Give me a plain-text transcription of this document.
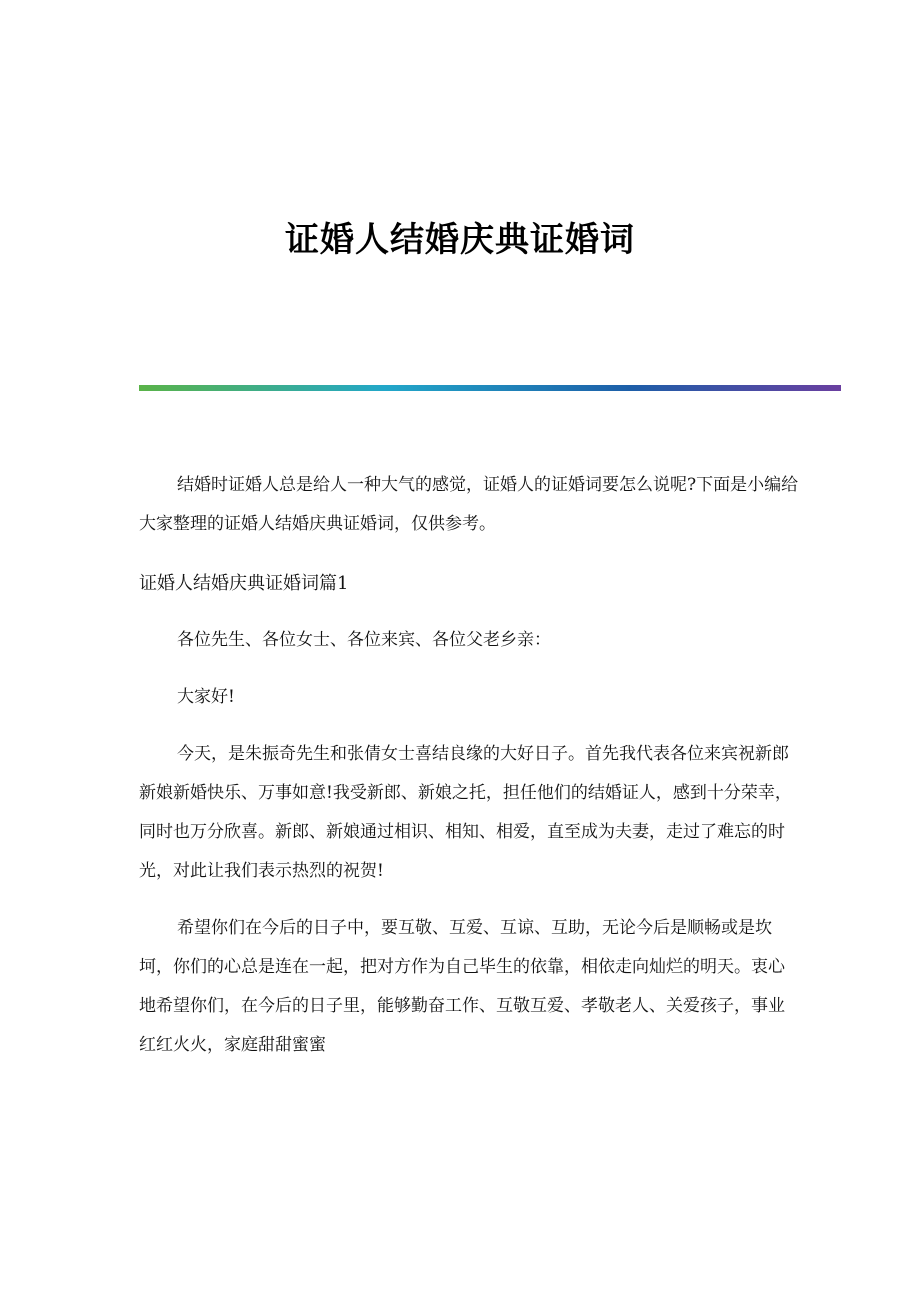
证婚人结婚庆典证婚词

结婚时证婚人总是给人一种大气的感觉，证婚人的证婚词要怎么说呢?下面是小编给大家整理的证婚人结婚庆典证婚词，仅供参考。

证婚人结婚庆典证婚词篇1

各位先生、各位女士、各位来宾、各位父老乡亲：

大家好!

今天，是朱振奇先生和张倩女士喜结良缘的大好日子。首先我代表各位来宾祝新郎新娘新婚快乐、万事如意!我受新郎、新娘之托，担任他们的结婚证人，感到十分荣幸，同时也万分欣喜。新郎、新娘通过相识、相知、相爱，直至成为夫妻，走过了难忘的时光，对此让我们表示热烈的祝贺!

希望你们在今后的日子中，要互敬、互爱、互谅、互助，无论今后是顺畅或是坎坷，你们的心总是连在一起，把对方作为自己毕生的依靠，相依走向灿烂的明天。衷心地希望你们，在今后的日子里，能够勤奋工作、互敬互爱、孝敬老人、关爱孩子，事业红红火火，家庭甜甜蜜蜜
